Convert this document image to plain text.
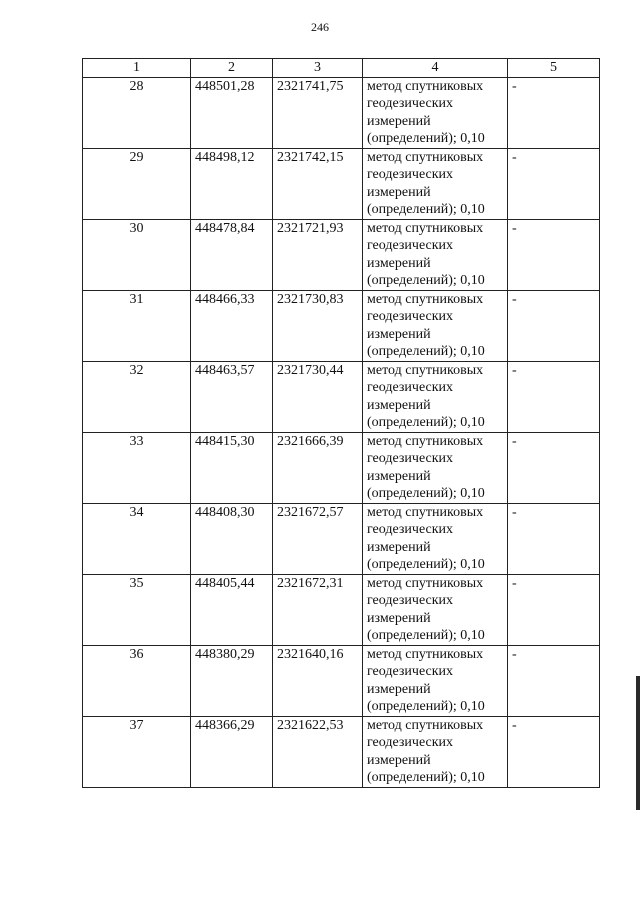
246
1	2	3	4	5
28	448501,28	2321741,75	метод спутниковых геодезических измерений (определений); 0,10	-
29	448498,12	2321742,15	метод спутниковых геодезических измерений (определений); 0,10	-
30	448478,84	2321721,93	метод спутниковых геодезических измерений (определений); 0,10	-
31	448466,33	2321730,83	метод спутниковых геодезических измерений (определений); 0,10	-
32	448463,57	2321730,44	метод спутниковых геодезических измерений (определений); 0,10	-
33	448415,30	2321666,39	метод спутниковых геодезических измерений (определений); 0,10	-
34	448408,30	2321672,57	метод спутниковых геодезических измерений (определений); 0,10	-
35	448405,44	2321672,31	метод спутниковых геодезических измерений (определений); 0,10	-
36	448380,29	2321640,16	метод спутниковых геодезических измерений (определений); 0,10	-
37	448366,29	2321622,53	метод спутниковых геодезических измерений (определений); 0,10	-
